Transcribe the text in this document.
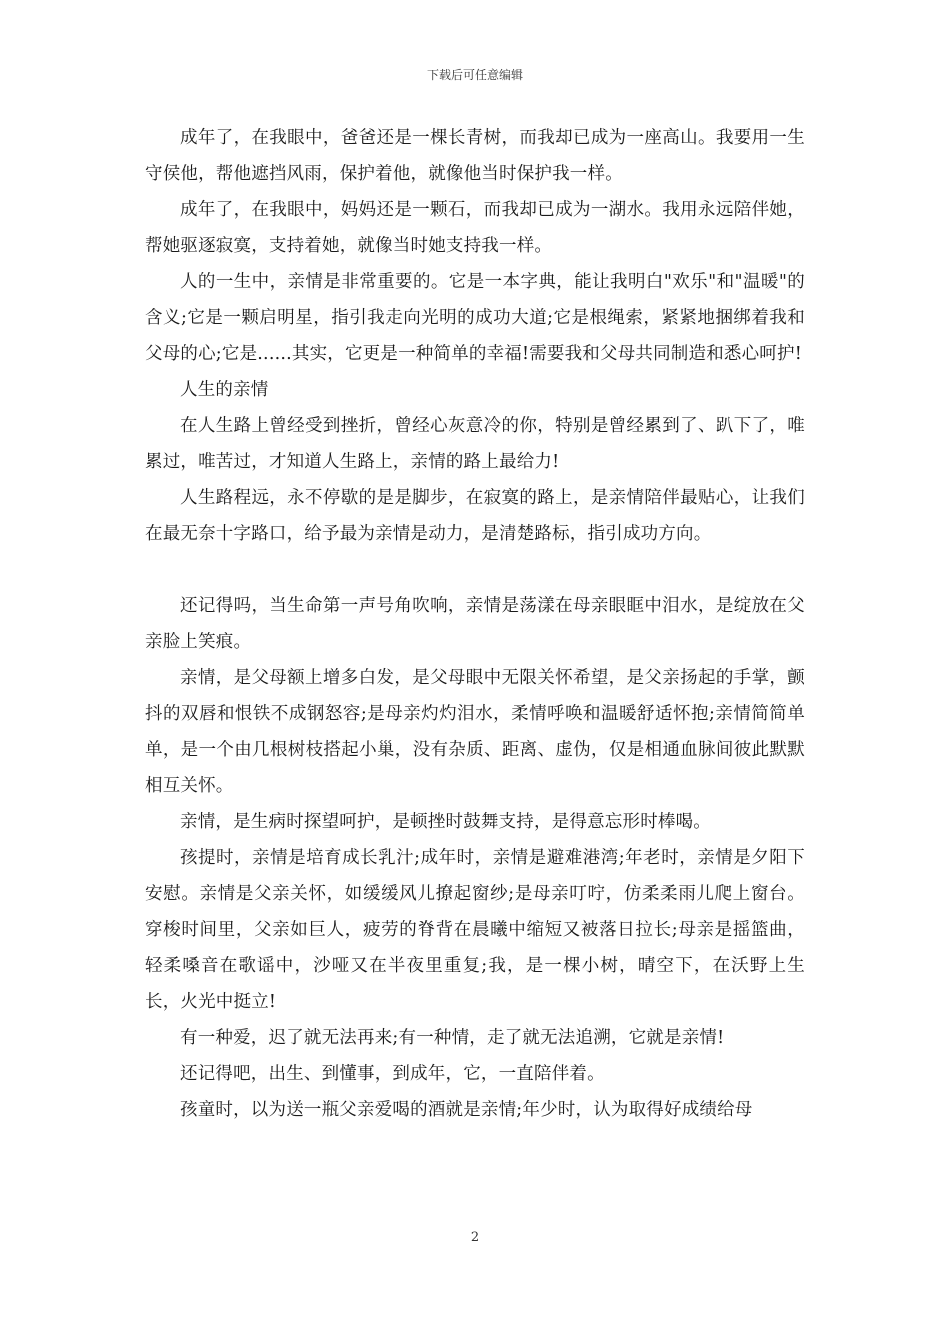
下载后可任意编辑

成年了，在我眼中，爸爸还是一棵长青树，而我却已成为一座高山。我要用一生守侯他，帮他遮挡风雨，保护着他，就像他当时保护我一样。

成年了，在我眼中，妈妈还是一颗石，而我却已成为一湖水。我用永远陪伴她，帮她驱逐寂寞，支持着她，就像当时她支持我一样。

人的一生中，亲情是非常重要的。它是一本字典，能让我明白"欢乐"和"温暖"的含义;它是一颗启明星，指引我走向光明的成功大道;它是根绳索，紧紧地捆绑着我和父母的心;它是......其实，它更是一种简单的幸福!需要我和父母共同制造和悉心呵护!

人生的亲情

在人生路上曾经受到挫折，曾经心灰意冷的你，特别是曾经累到了、趴下了，唯累过，唯苦过，才知道人生路上，亲情的路上最给力!

人生路程远，永不停歇的是是脚步，在寂寞的路上，是亲情陪伴最贴心，让我们在最无奈十字路口，给予最为亲情是动力，是清楚路标，指引成功方向。

还记得吗，当生命第一声号角吹响，亲情是荡漾在母亲眼眶中泪水，是绽放在父亲脸上笑痕。

亲情，是父母额上增多白发，是父母眼中无限关怀希望，是父亲扬起的手掌，颤抖的双唇和恨铁不成钢怒容;是母亲灼灼泪水，柔情呼唤和温暖舒适怀抱;亲情简简单单，是一个由几根树枝搭起小巢，没有杂质、距离、虚伪，仅是相通血脉间彼此默默相互关怀。

亲情，是生病时探望呵护，是顿挫时鼓舞支持，是得意忘形时棒喝。

孩提时，亲情是培育成长乳汁;成年时，亲情是避难港湾;年老时，亲情是夕阳下安慰。亲情是父亲关怀，如缓缓风儿撩起窗纱;是母亲叮咛，仿柔柔雨儿爬上窗台。穿梭时间里，父亲如巨人，疲劳的脊背在晨曦中缩短又被落日拉长;母亲是摇篮曲，轻柔嗓音在歌谣中，沙哑又在半夜里重复;我，是一棵小树，晴空下，在沃野上生长，火光中挺立!

有一种爱，迟了就无法再来;有一种情，走了就无法追溯，它就是亲情!

还记得吧，出生、到懂事，到成年，它，一直陪伴着。

孩童时，以为送一瓶父亲爱喝的酒就是亲情;年少时，认为取得好成绩给母

2
